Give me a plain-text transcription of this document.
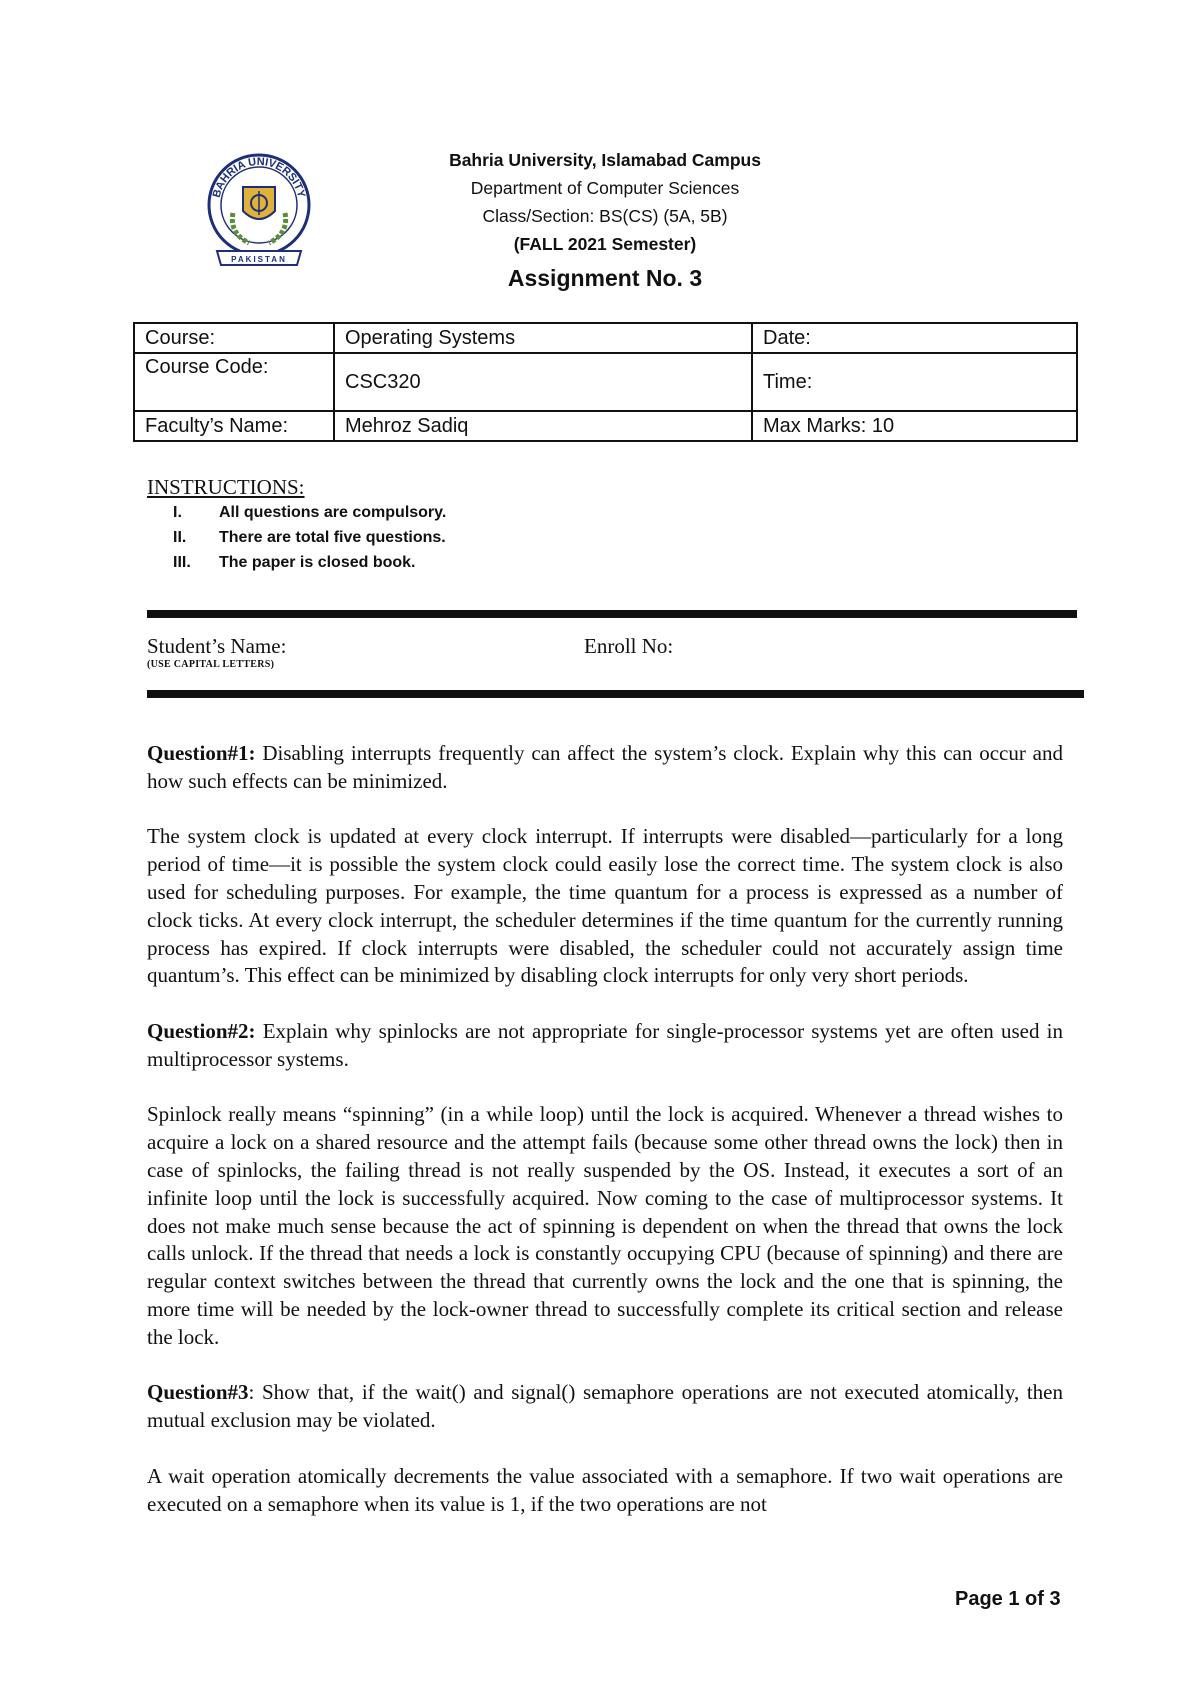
BAHRIA UNIVERSITY
PAKISTAN
Bahria University, Islamabad Campus
Department of Computer Sciences
Class/Section: BS(CS) (5A, 5B)
(FALL 2021 Semester)
Assignment No. 3
Course:	Operating Systems	Date:
Course Code:	CSC320	Time:
Faculty’s Name:	Mehroz Sadiq	Max Marks: 10
INSTRUCTIONS:
I.	All questions are compulsory.
II.	There are total five questions.
III.	The paper is closed book.
Student’s Name:
(USE CAPITAL LETTERS)
Enroll No:

Question#1: Disabling interrupts frequently can affect the system’s clock. Explain why this can occur and how such effects can be minimized.

The system clock is updated at every clock interrupt. If interrupts were disabled—particularly for a long period of time—it is possible the system clock could easily lose the correct time. The system clock is also used for scheduling purposes. For example, the time quantum for a process is expressed as a number of clock ticks. At every clock interrupt, the scheduler determines if the time quantum for the currently running process has expired. If clock interrupts were disabled, the scheduler could not accurately assign time quantum’s. This effect can be minimized by disabling clock interrupts for only very short periods.

Question#2: Explain why spinlocks are not appropriate for single-processor systems yet are often used in multiprocessor systems.

Spinlock really means “spinning” (in a while loop) until the lock is acquired. Whenever a thread wishes to acquire a lock on a shared resource and the attempt fails (because some other thread owns the lock) then in case of spinlocks, the failing thread is not really suspended by the OS. Instead, it executes a sort of an infinite loop until the lock is successfully acquired. Now coming to the case of multiprocessor systems. It does not make much sense because the act of spinning is dependent on when the thread that owns the lock calls unlock. If the thread that needs a lock is constantly occupying CPU (because of spinning) and there are regular context switches between the thread that currently owns the lock and the one that is spinning, the more time will be needed by the lock-owner thread to successfully complete its critical section and release the lock.

Question#3: Show that, if the wait() and signal() semaphore operations are not executed atomically, then mutual exclusion may be violated.

A wait operation atomically decrements the value associated with a semaphore. If two wait operations are executed on a semaphore when its value is 1, if the two operations are not

Page 1 of 3
